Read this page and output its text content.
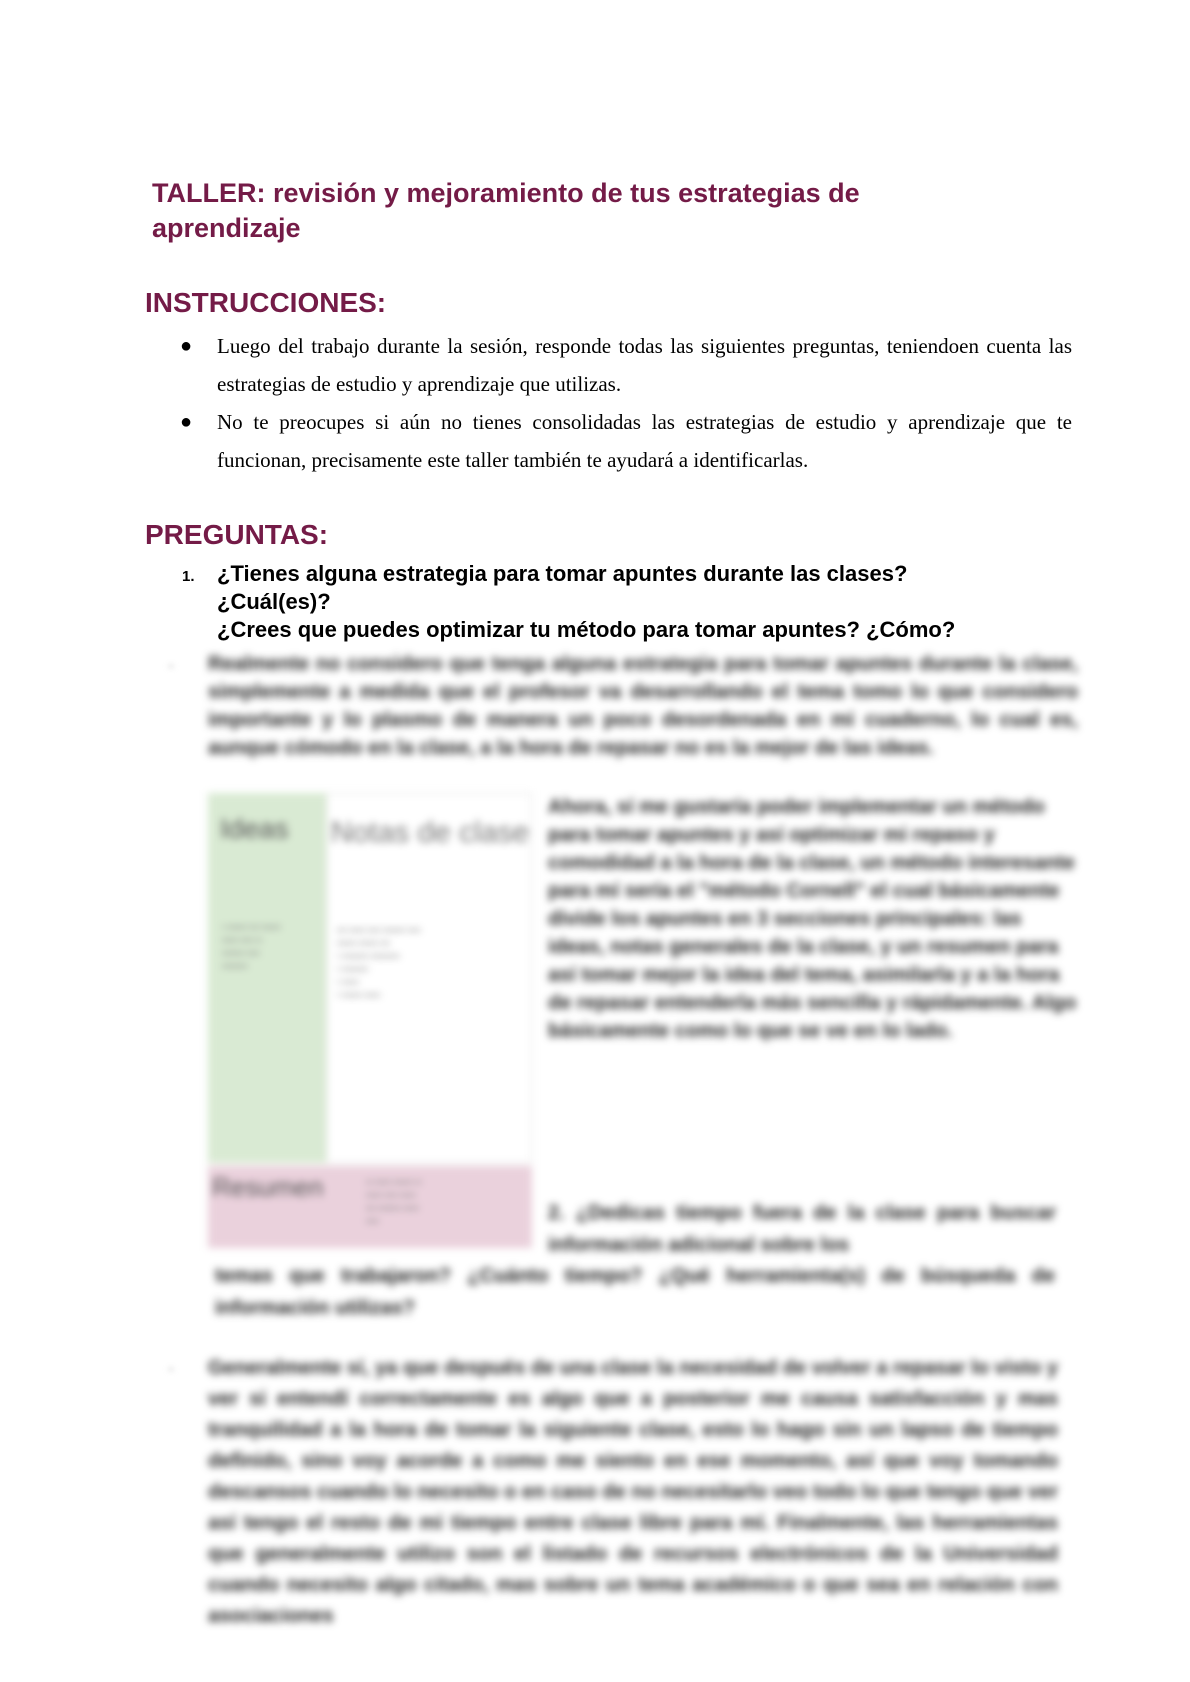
TALLER: revisión y mejoramiento de tus estrategias de aprendizaje
INSTRUCCIONES:
● Luego del trabajo durante la sesión, responde todas las siguientes preguntas, teniendoen cuenta las estrategias de estudio y aprendizaje que utilizas.
● No te preocupes si aún no tienes consolidadas las estrategias de estudio y aprendizaje que te funcionan, precisamente este taller también te ayudará a identificarlas.
PREGUNTAS:
1. ¿Tienes alguna estrategia para tomar apuntes durante las clases?
¿Cuál(es)?
¿Crees que puedes optimizar tu método para tomar apuntes? ¿Cómo?
- Realmente no considero que tenga alguna estrategia para tomar apuntes durante la clase, simplemente a medida que el profesor va desarrollando el tema tomo lo que considero importante y lo plasmo de manera un poco desordenada en mi cuaderno, lo cual es, aunque cómodo en la clase, a la hora de repasar no es la mejor de las ideas.
Ideas
▪ ▪▪▪▪▪▪ ▪▪▪ ▪▪▪▪▪▪
▪▪▪▪▪ ▪▪▪▪ ▪▪
▪▪▪▪▪▪▪ ▪▪▪▪
▪▪▪▪▪▪▪▪
Notas de clase
▪▪▪ ▪▪▪▪▪ ▪▪▪▪ ▪▪▪▪▪▪▪ ▪▪▪▪
▪▪▪▪▪▪ ▪▪▪▪▪▪ ▪▪▪
• ▪▪▪▪▪▪▪▪ ▪▪▪▪▪▪▪▪▪
• ▪▪▪▪▪▪▪▪
• ▪▪▪▪▪
• ▪▪▪▪▪▪ ▪▪▪▪▪
Resumen	▪▪ ▪▪▪▪▪ ▪▪▪▪▪▪ ▪▪
▪▪▪▪▪ ▪▪▪▪ ▪▪▪▪▪
▪▪▪ ▪▪▪▪▪▪▪ ▪▪▪▪▪
▪▪▪▪
Ahora, sí me gustaría poder implementar un método para tomar apuntes y así optimizar mi repaso y comodidad a la hora de la clase, un método interesante para mí sería el "método Cornell" el cual básicamente divide los apuntes en 3 secciones principales: las ideas, notas generales de la clase, y un resumen para así tomar mejor la idea del tema, asimilarla y a la hora de repasar entenderla más sencilla y rápidamente. Algo básicamente como lo que se ve en lo lado.
2. ¿Dedicas tiempo fuera de la clase para buscar información adicional sobre los
temas que trabajaron? ¿Cuánto tiempo? ¿Qué herramienta(s) de búsqueda de información utilizas?
- Generalmente sí, ya que después de una clase la necesidad de volver a repasar lo visto y ver si entendí correctamente es algo que a posterior me causa satisfacción y mas tranquilidad a la hora de tomar la siguiente clase, esto lo hago sin un lapso de tiempo definido, sino voy acorde a como me siento en ese momento, así que voy tomando descansos cuando lo necesito o en caso de no necesitarlo veo todo lo que tengo que ver así tengo el resto de mi tiempo entre clase libre para mí. Finalmente, las herramientas que generalmente utilizo son el listado de recursos electrónicos de la Universidad cuando necesito algo citado, mas sobre un tema académico o que sea en relación con asociaciones
